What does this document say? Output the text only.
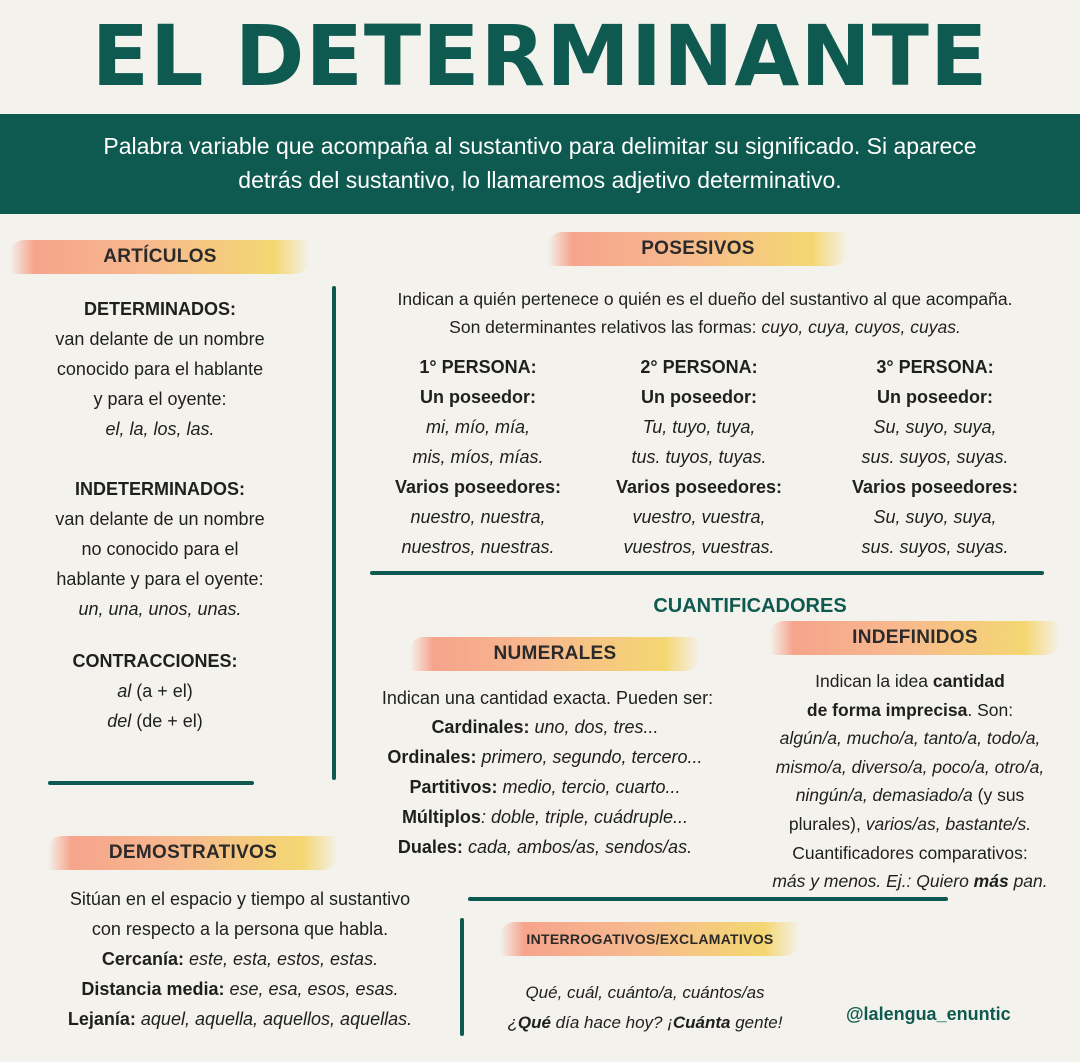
EL DETERMINANTE
Palabra variable que acompaña al sustantivo para delimitar su significado. Si aparece
detrás del sustantivo, lo llamaremos adjetivo determinativo.
ARTÍCULOS
DETERMINADOS:
van delante de un nombre
conocido para el hablante
y para el oyente:
el, la, los, las.
INDETERMINADOS:
van delante de un nombre
no conocido para el
hablante y para el oyente:
un, una, unos, unas.
CONTRACCIONES:
al (a + el)
del (de + el)
POSESIVOS
Indican a quién pertenece o quién es el dueño del sustantivo al que acompaña.
Son determinantes relativos las formas: cuyo, cuya, cuyos, cuyas.
1° PERSONA:
Un poseedor:
mi, mío, mía,
mis, míos, mías.
Varios poseedores:
nuestro, nuestra,
nuestros, nuestras.
2° PERSONA:
Un poseedor:
Tu, tuyo, tuya,
tus. tuyos, tuyas.
Varios poseedores:
vuestro, vuestra,
vuestros, vuestras.
3° PERSONA:
Un poseedor:
Su, suyo, suya,
sus. suyos, suyas.
Varios poseedores:
Su, suyo, suya,
sus. suyos, suyas.
CUANTIFICADORES
NUMERALES
Indican una cantidad exacta. Pueden ser:
Cardinales: uno, dos, tres...
Ordinales: primero, segundo, tercero...
Partitivos: medio, tercio, cuarto...
Múltiplos: doble, triple, cuádruple...
Duales: cada, ambos/as, sendos/as.
INDEFINIDOS
Indican la idea cantidad
de forma imprecisa. Son:
algún/a, mucho/a, tanto/a, todo/a,
mismo/a, diverso/a, poco/a, otro/a,
ningún/a, demasiado/a (y sus
plurales), varios/as, bastante/s.
Cuantificadores comparativos:
más y menos. Ej.: Quiero más pan.
DEMOSTRATIVOS
Sitúan en el espacio y tiempo al sustantivo
con respecto a la persona que habla.
Cercanía: este, esta, estos, estas.
Distancia media: ese, esa, esos, esas.
Lejanía: aquel, aquella, aquellos, aquellas.
INTERROGATIVOS/EXCLAMATIVOS
Qué, cuál, cuánto/a, cuántos/as
¿Qué día hace hoy? ¡Cuánta gente!	@lalengua_enuntic
